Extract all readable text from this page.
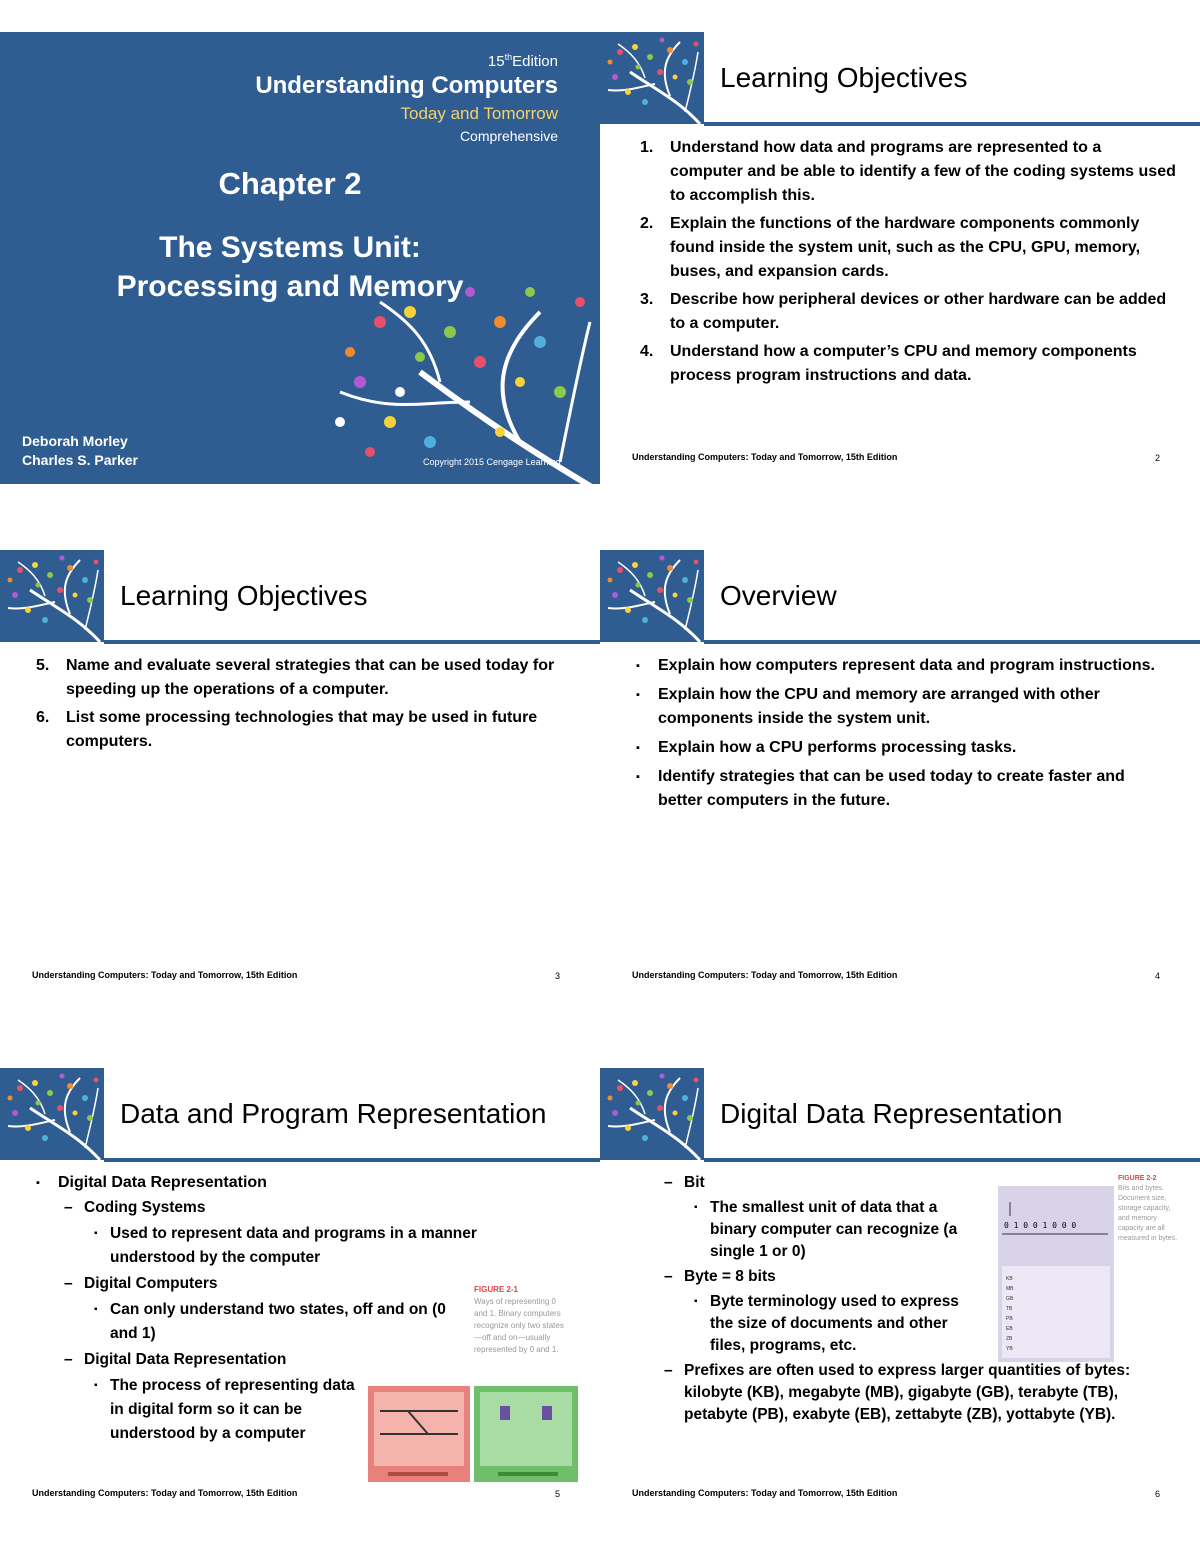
15thEdition
Understanding Computers
Today and Tomorrow
Comprehensive
Chapter 2
The Systems Unit:
Processing and Memory
Deborah Morley
Charles S. Parker	Copyright 2015 Cengage Learning
Learning Objectives
1. Understand how data and programs are represented to a computer and be able to identify a few of the coding systems used to accomplish this.
2. Explain the functions of the hardware components commonly found inside the system unit, such as the CPU, GPU, memory, buses, and expansion cards.
3. Describe how peripheral devices or other hardware can be added to a computer.
4. Understand how a computer’s CPU and memory components process program instructions and data.
Understanding Computers: Today and Tomorrow, 15th Edition	2
Learning Objectives
5. Name and evaluate several strategies that can be used today for speeding up the operations of a computer.
6. List some processing technologies that may be used in future computers.
Understanding Computers: Today and Tomorrow, 15th Edition	3
Overview
▪ Explain how computers represent data and program instructions.
▪ Explain how the CPU and memory are arranged with other components inside the system unit.
▪ Explain how a CPU performs processing tasks.
▪ Identify strategies that can be used today to create faster and better computers in the future.
Understanding Computers: Today and Tomorrow, 15th Edition	4
Data and Program Representation
▪ Digital Data Representation
– Coding Systems
▪ Used to represent data and programs in a manner understood by the computer
– Digital Computers
▪ Can only understand two states, off and on (0 and 1)
– Digital Data Representation
▪ The process of representing data in digital form so it can be understood by a computer
FIGURE 2-1
Ways of representing 0 and 1. Binary computers recognize only two states—off and on—usually represented by 0 and 1.
Understanding Computers: Today and Tomorrow, 15th Edition	5
Digital Data Representation
– Bit
▪ The smallest unit of data that a binary computer can recognize (a single 1 or 0)
– Byte = 8 bits
▪ Byte terminology used to express the size of documents and other files, programs, etc.
– Prefixes are often used to express larger quantities of bytes: kilobyte (KB), megabyte (MB), gigabyte (GB), terabyte (TB), petabyte (PB), exabyte (EB), zettabyte (ZB), yottabyte (YB).
0 1 0 0 1 0 0 0
KB
MB
GB
TB
PB
EB
ZB
YB
FIGURE 2-2
Bits and bytes. Document size, storage capacity, and memory capacity are all measured in bytes.
Understanding Computers: Today and Tomorrow, 15th Edition	6
